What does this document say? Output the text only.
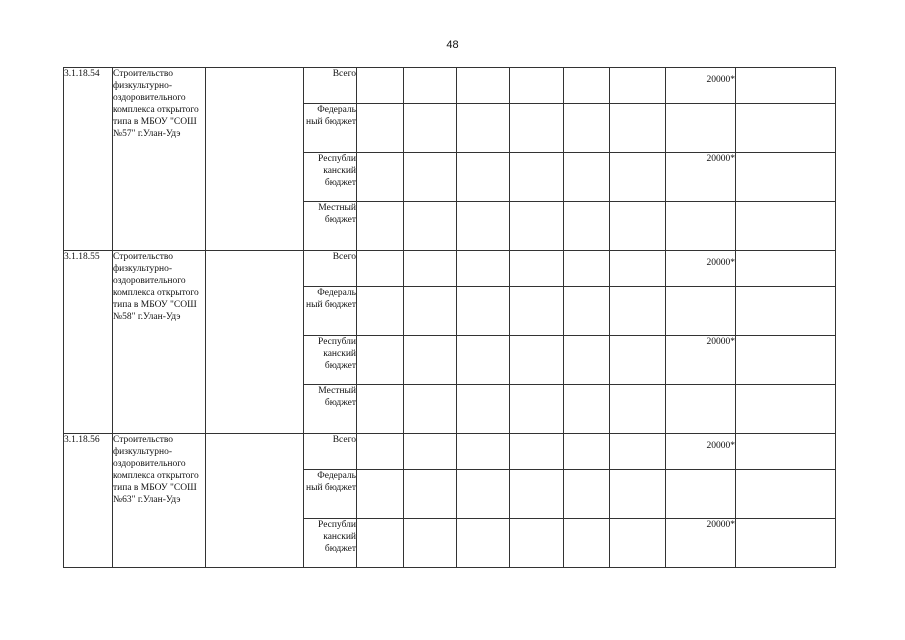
48
3.1.18.54	Строительство физкультурно-оздоровительного комплекса открытого типа в МБОУ "СОШ №57" г.Улан-Удэ		Всего							20000*	
			Федераль ный бюджет								
			Республи канский бюджет							20000*	
			Местный бюджет								
3.1.18.55	Строительство физкультурно-оздоровительного комплекса открытого типа в МБОУ "СОШ №58" г.Улан-Удэ		Всего							20000*	
			Федераль ный бюджет								
			Республи канский бюджет							20000*	
			Местный бюджет								
3.1.18.56	Строительство физкультурно-оздоровительного комплекса открытого типа в МБОУ "СОШ №63" г.Улан-Удэ		Всего							20000*	
			Федераль ный бюджет								
			Республи канский бюджет							20000*	
